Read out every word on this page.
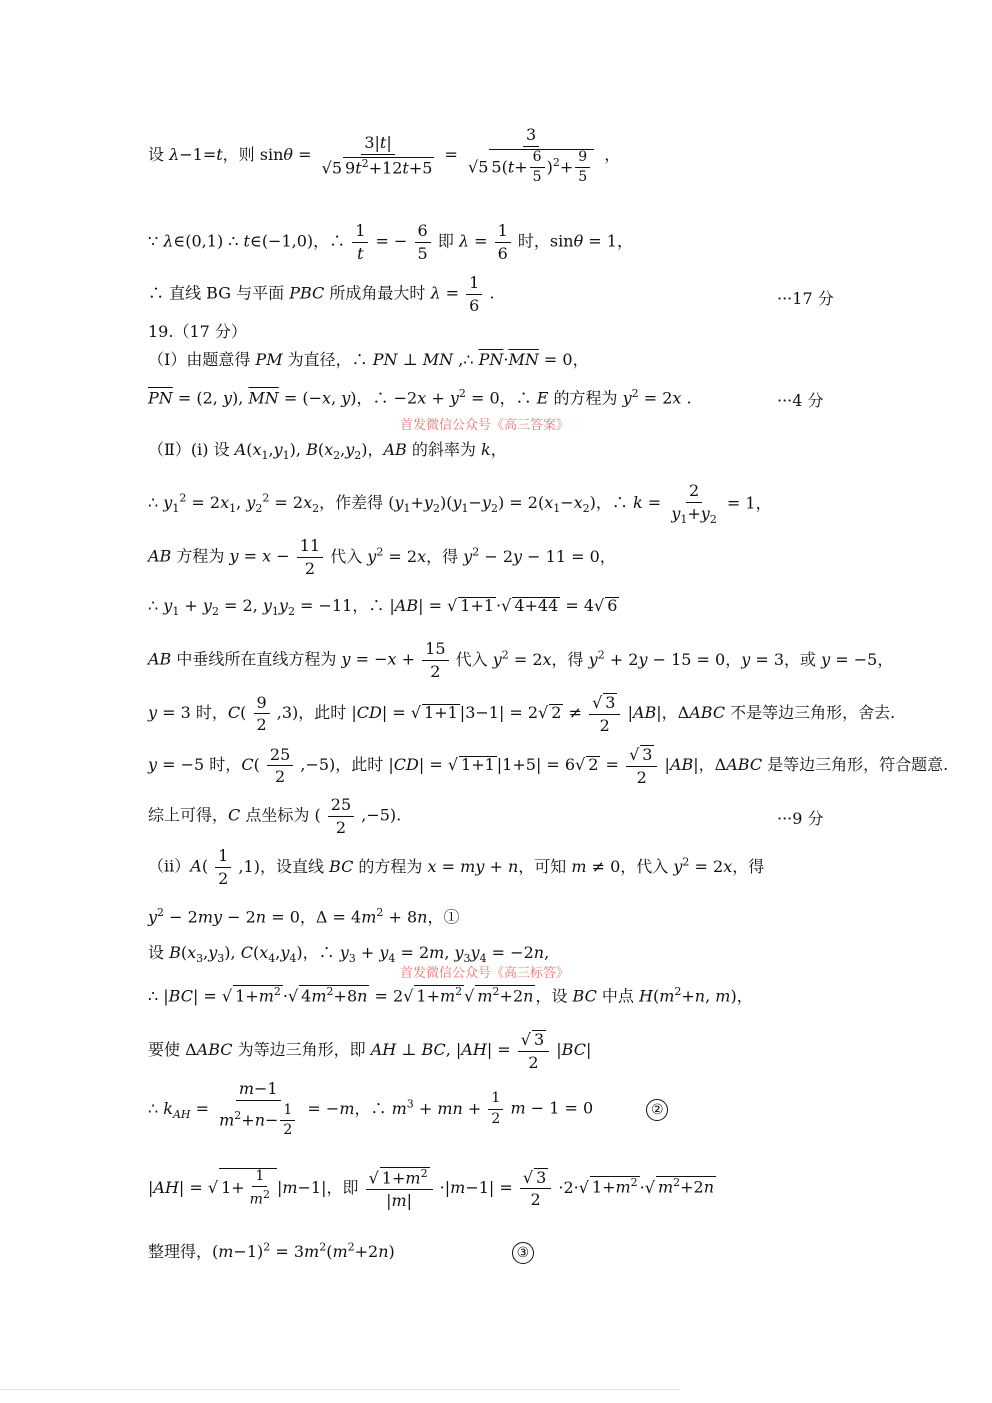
设 λ−1=t，则 $\sin\theta = \frac{3|t|}{√5 9t^2+12t+5} = \frac{3}{√5 5(t+ \frac{6}{5} )^2+ \frac{9}{5}}$ ，
∵ λ∈(0,1) ∴ t∈(−1,0)，∴ $\frac{1}{t}$ = − $\frac{6}{5}$ 即 $\lambda = \frac{1}{6}$ 时，sinθ = 1，
∴ 直线 BG 与平面 PBC 所成角最大时 $\lambda = \frac{1}{6}$ .	···17 分
19.（17 分）
（Ⅰ）由题意得 PM 为直径，∴ PN ⊥ MN ,∴ $\overline{PN}\cdot\overline{MN} = 0$，
$\overline{PN} = (2$, y), $\overline{MN} = (-x$, y)，∴ $-2x + y^2 = 0$，∴ E 的方程为 $y^2 = 2x$ .	···4 分
首发微信公众号《高三答案》
（Ⅱ）(i) 设 $A(x_1,y_1)$, $B(x_2,y_2)$，AB 的斜率为 k，
∴ $y_1^2 = 2x_1$, $y_2^2 = 2x_2$，作差得 $(y_1+y_2)(y_1-y_2) = 2(x_1-x_2)$，∴ $k = \frac{2}{y_1+y_2} = 1$，
AB 方程为 $y = x - \frac{11}{2}$ 代入 $y^2 = 2x$，得 $y^2 - 2y - 11 = 0$，
∴ $y_1 + y_2 = 2$, $y_1y_2 = -11$，∴ |AB| = √ 1+1 ·√ 4+44 = 4√ 6
AB 中垂线所在直线方程为 $y = -x + \frac{15}{2}$ 代入 $y^2 = 2x$，得 $y^2 + 2y - 15 = 0$，y = 3，或 y = −5，
y = 3 时，$C( \frac{9}{2} ,3)$，此时 |CD| = √ 1+1 |3−1| = 2√ $2 \ne \frac{√ 3}{2} |AB|$，ΔABC 不是等边三角形，舍去.
y = −5 时，$C( \frac{25}{2} ,-5)$，此时 |CD| = √ 1+1 |1+5| = 6√ $2 = \frac{√ 3}{2} |AB|$，ΔABC 是等边三角形，符合题意.
综上可得，C 点坐标为 ( $\frac{25}{2} ,-5$).	···9 分
$(ii)A( \frac{1}{2} ,1)$，设直线 BC 的方程为 x = my + n，可知 m ≠ 0，代入 $y^2 = 2x$，得
$y^2 - 2my - 2n = 0$，$\Delta = 4m^2 + 8n$，①
设 $B(x_3,y_3)$, $C(x_4,y_4)$，∴ $y_3 + y_4 = 2m$, $y_3y_4 = -2n$,
首发微信公众号《高三标答》
∴ |BC| = √ $1+m^2$ ·√ $4m^2+8n = 2√$ $1+m^2$ √ $m^2+2n$ ，设 BC 中点 $H(m^2+n$, m)，
要使 ΔABC 为等边三角形，即 AH ⊥ BC, $|AH| = \frac{√ 3}{2} |BC|$
∴ $k_{AH} = \frac{m-1}{m^2+n- \frac{1}{2}} = -m$，∴ $m^3$ + mn + $\frac{1}{2}$ m − 1 = 0	②
|AH| = √ $1+ \frac{1}{m^2} |m-1|$，即 $\frac{√ 1+m^2}{|m|} \cdot|m-1| = \frac{√ 3}{2} \cdot 2\cdot√$ $1+m^2$ ·√ $m^2+2n$
整理得，$(m-1)^2 = 3m^2(m^2+2n)$	③
